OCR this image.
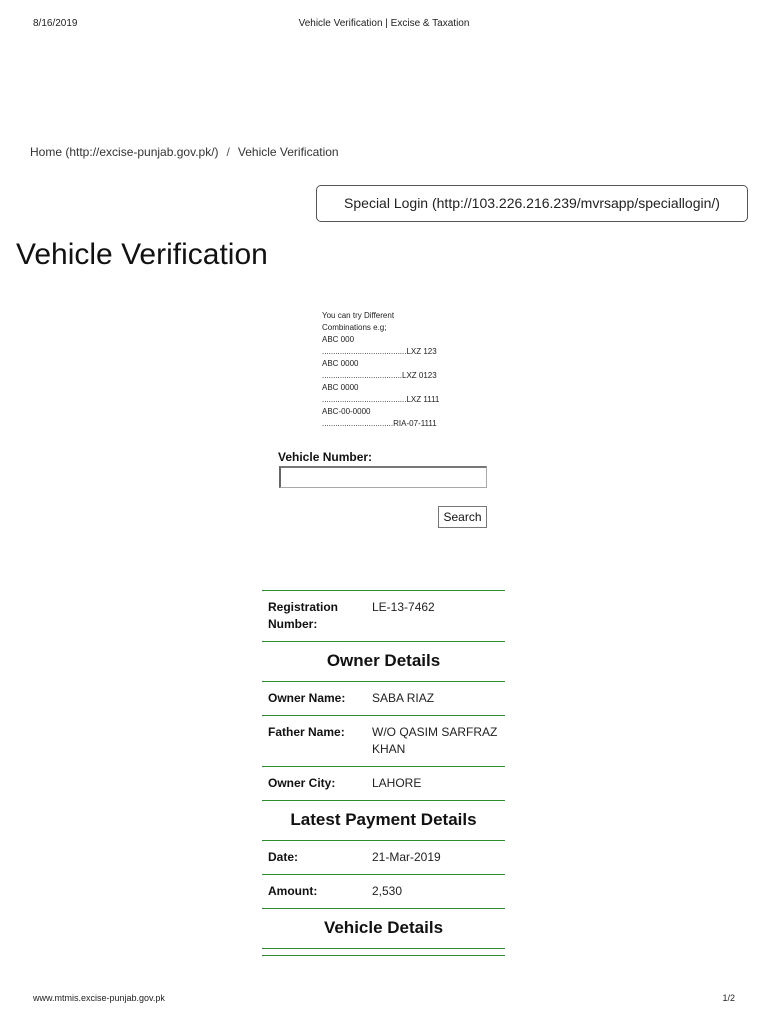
8/16/2019	Vehicle Verification | Excise & Taxation
Home (http://excise-punjab.gov.pk/) / Vehicle Verification
Special Login (http://103.226.216.239/mvrsapp/speciallogin/)
Vehicle Verification
You can try Different
Combinations e.g;
ABC 000
......................................LXZ 123
ABC 0000
....................................LXZ 0123
ABC 0000
......................................LXZ 1111
ABC-00-0000
................................RIA-07-1111
Vehicle Number:
Search
Registration Number:
LE-13-7462
Owner Details
Owner Name:	SABA RIAZ
Father Name:	W/O QASIM SARFRAZ KHAN
Owner City:	LAHORE
Latest Payment Details
Date:	21-Mar-2019
Amount:	2,530
Vehicle Details
www.mtmis.excise-punjab.gov.pk	1/2
